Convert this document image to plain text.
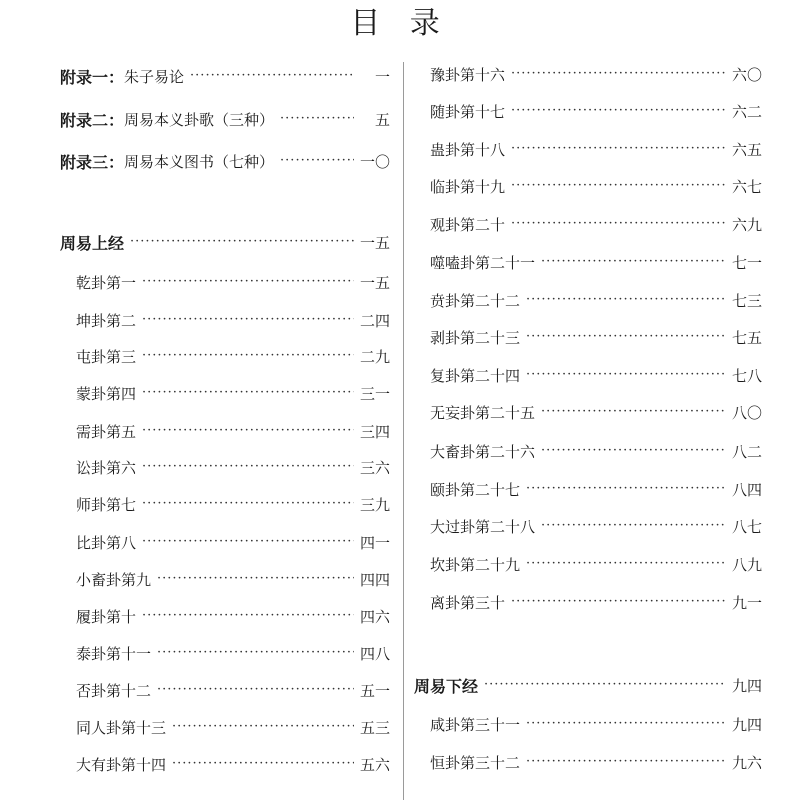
目 录
附录一 ： 朱子易论 ·····	一
附录二 ： 周易本义卦歌（三种） ·····	五
附录三 ： 周易本义图书（七种） ·····	一〇
周易上经 ·····	一五
乾卦第一 ·····	一五
坤卦第二 ·····	二四
屯卦第三 ·····	二九
蒙卦第四 ·····	三一
需卦第五 ·····	三四
讼卦第六 ·····	三六
师卦第七 ·····	三九
比卦第八 ·····	四一
小畜卦第九 ·····	四四
履卦第十 ·····	四六
泰卦第十一 ·····	四八
否卦第十二 ·····	五一
同人卦第十三 ·····	五三
大有卦第十四 ·····	五六
豫卦第十六 ·····	六〇
随卦第十七 ·····	六二
蛊卦第十八 ·····	六五
临卦第十九 ·····	六七
观卦第二十 ·····	六九
噬嗑卦第二十一 ·····	七一
贲卦第二十二 ·····	七三
剥卦第二十三 ·····	七五
复卦第二十四 ·····	七八
无妄卦第二十五 ·····	八〇
大畜卦第二十六 ·····	八二
颐卦第二十七 ·····	八四
大过卦第二十八 ·····	八七
坎卦第二十九 ·····	八九
离卦第三十 ·····	九一
周易下经 ·····	九四
咸卦第三十一 ·····	九四
恒卦第三十二 ·····	九六
